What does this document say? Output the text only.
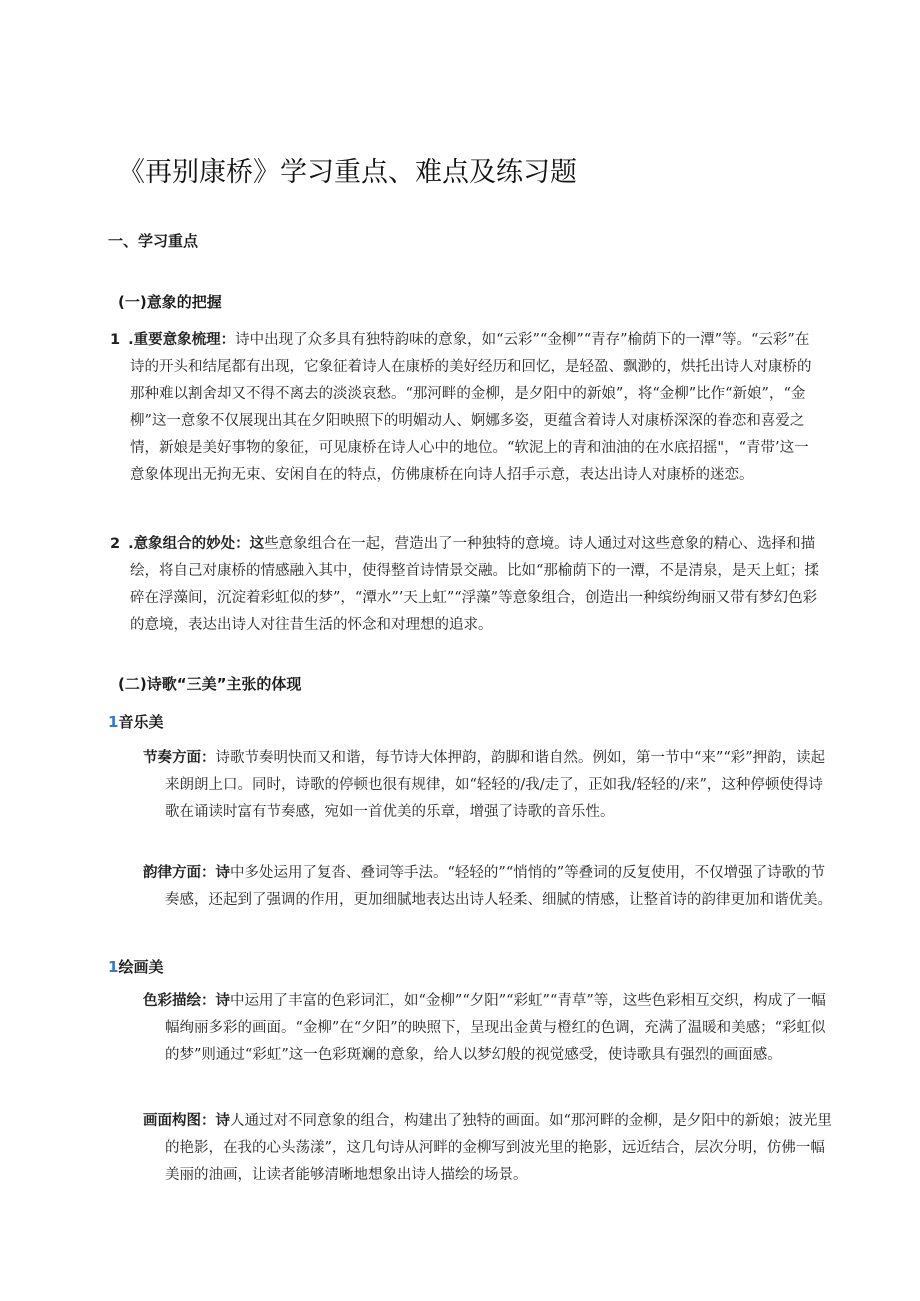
《再别康桥》学习重点、难点及练习题
一、学习重点
(一)意象的把握
1 .重要意象梳理：诗中出现了众多具有独特韵味的意象，如“云彩”“金柳”“青存”榆荫下的一潭”等。“云彩”在诗的开头和结尾都有出现，它象征着诗人在康桥的美好经历和回忆，是轻盈、飘渺的，烘托出诗人对康桥的那种难以割舍却又不得不离去的淡淡哀愁。“那河畔的金柳，是夕阳中的新娘”，将“金柳”比作“新娘”，“金柳”这一意象不仅展现出其在夕阳映照下的明媚动人、婀娜多姿，更蕴含着诗人对康桥深深的眷恋和喜爱之情，新娘是美好事物的象征，可见康桥在诗人心中的地位。“软泥上的青和油油的在水底招摇"，“青带’这一意象体现出无拘无束、安闲自在的特点，仿佛康桥在向诗人招手示意，表达出诗人对康桥的迷恋。
2 .意象组合的妙处：这些意象组合在一起，营造出了一种独特的意境。诗人通过对这些意象的精心、选择和描绘，将自己对康桥的情感融入其中，使得整首诗情景交融。比如“那榆荫下的一潭，不是清泉，是天上虹；揉碎在浮藻间，沉淀着彩虹似的梦”，“潭水”’天上虹”“浮藻”等意象组合，创造出一种缤纷绚丽又带有梦幻色彩的意境，表达出诗人对往昔生活的怀念和对理想的追求。
(二)诗歌“三美”主张的体现
1音乐美
节奏方面：诗歌节奏明快而又和谐，每节诗大体押韵，韵脚和谐自然。例如，第一节中“来”“彩”押韵，读起来朗朗上口。同时，诗歌的停顿也很有规律，如“轻轻的/我/走了，正如我/轻轻的/来”，这种停顿使得诗歌在诵读时富有节奏感，宛如一首优美的乐章，增强了诗歌的音乐性。
韵律方面：诗中多处运用了复沓、叠词等手法。“轻轻的”“悄悄的”等叠词的反复使用，不仅增强了诗歌的节奏感，还起到了强调的作用，更加细腻地表达出诗人轻柔、细腻的情感，让整首诗的韵律更加和谐优美。
1绘画美
色彩描绘：诗中运用了丰富的色彩词汇，如“金柳”“夕阳”“彩虹”“青草”等，这些色彩相互交织，构成了一幅幅绚丽多彩的画面。“金柳”在“夕阳”的映照下，呈现出金黄与橙红的色调，充满了温暖和美感；“彩虹似的梦”则通过“彩虹”这一色彩斑斓的意象，给人以梦幻般的视觉感受，使诗歌具有强烈的画面感。
画面构图：诗人通过对不同意象的组合，构建出了独特的画面。如“那河畔的金柳，是夕阳中的新娘；波光里的艳影，在我的心头荡漾”，这几句诗从河畔的金柳写到波光里的艳影，远近结合，层次分明，仿佛一幅美丽的油画，让读者能够清晰地想象出诗人描绘的场景。
